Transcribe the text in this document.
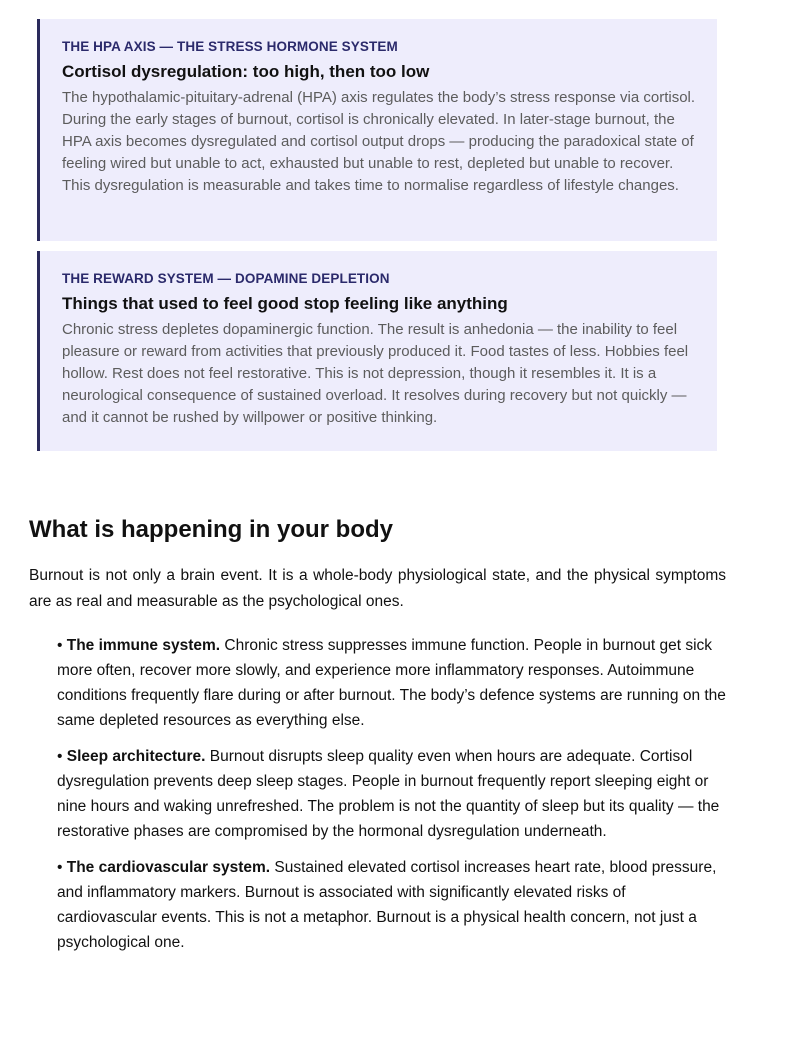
THE HPA AXIS — THE STRESS HORMONE SYSTEM
Cortisol dysregulation: too high, then too low

The hypothalamic-pituitary-adrenal (HPA) axis regulates the body’s stress response via cortisol. During the early stages of burnout, cortisol is chronically elevated. In later-stage burnout, the HPA axis becomes dysregulated and cortisol output drops — producing the paradoxical state of feeling wired but unable to act, exhausted but unable to rest, depleted but unable to recover. This dysregulation is measurable and takes time to normalise regardless of lifestyle changes.

THE REWARD SYSTEM — DOPAMINE DEPLETION
Things that used to feel good stop feeling like anything

Chronic stress depletes dopaminergic function. The result is anhedonia — the inability to feel pleasure or reward from activities that previously produced it. Food tastes of less. Hobbies feel hollow. Rest does not feel restorative. This is not depression, though it resembles it. It is a neurological consequence of sustained overload. It resolves during recovery but not quickly — and it cannot be rushed by willpower or positive thinking.

What is happening in your body

Burnout is not only a brain event. It is a whole-body physiological state, and the physical symptoms are as real and measurable as the psychological ones.

• The immune system. Chronic stress suppresses immune function. People in burnout get sick more often, recover more slowly, and experience more inflammatory responses. Autoimmune conditions frequently flare during or after burnout. The body’s defence systems are running on the same depleted resources as everything else.
• Sleep architecture. Burnout disrupts sleep quality even when hours are adequate. Cortisol dysregulation prevents deep sleep stages. People in burnout frequently report sleeping eight or nine hours and waking unrefreshed. The problem is not the quantity of sleep but its quality — the restorative phases are compromised by the hormonal dysregulation underneath.
• The cardiovascular system. Sustained elevated cortisol increases heart rate, blood pressure, and inflammatory markers. Burnout is associated with significantly elevated risks of cardiovascular events. This is not a metaphor. Burnout is a physical health concern, not just a psychological one.
